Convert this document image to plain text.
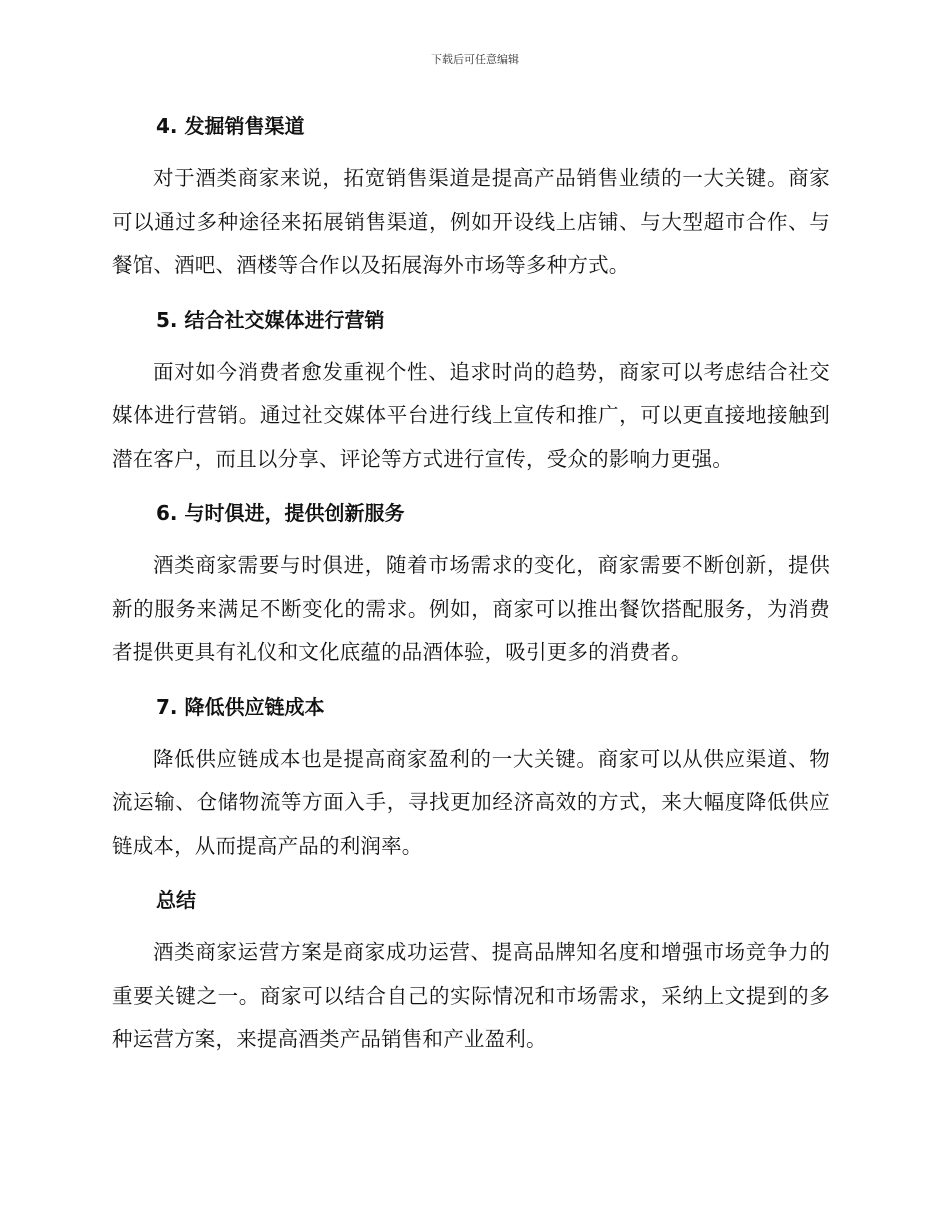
下载后可任意编辑
4. 发掘销售渠道

对于酒类商家来说，拓宽销售渠道是提高产品销售业绩的一大关键。商家可以通过多种途径来拓展销售渠道，例如开设线上店铺、与大型超市合作、与餐馆、酒吧、酒楼等合作以及拓展海外市场等多种方式。

5. 结合社交媒体进行营销

面对如今消费者愈发重视个性、追求时尚的趋势，商家可以考虑结合社交媒体进行营销。通过社交媒体平台进行线上宣传和推广，可以更直接地接触到潜在客户，而且以分享、评论等方式进行宣传，受众的影响力更强。

6. 与时俱进，提供创新服务

酒类商家需要与时俱进，随着市场需求的变化，商家需要不断创新，提供新的服务来满足不断变化的需求。例如，商家可以推出餐饮搭配服务，为消费者提供更具有礼仪和文化底蕴的品酒体验，吸引更多的消费者。

7. 降低供应链成本

降低供应链成本也是提高商家盈利的一大关键。商家可以从供应渠道、物流运输、仓储物流等方面入手，寻找更加经济高效的方式，来大幅度降低供应链成本，从而提高产品的利润率。

总结

酒类商家运营方案是商家成功运营、提高品牌知名度和增强市场竞争力的重要关键之一。商家可以结合自己的实际情况和市场需求，采纳上文提到的多种运营方案，来提高酒类产品销售和产业盈利。
